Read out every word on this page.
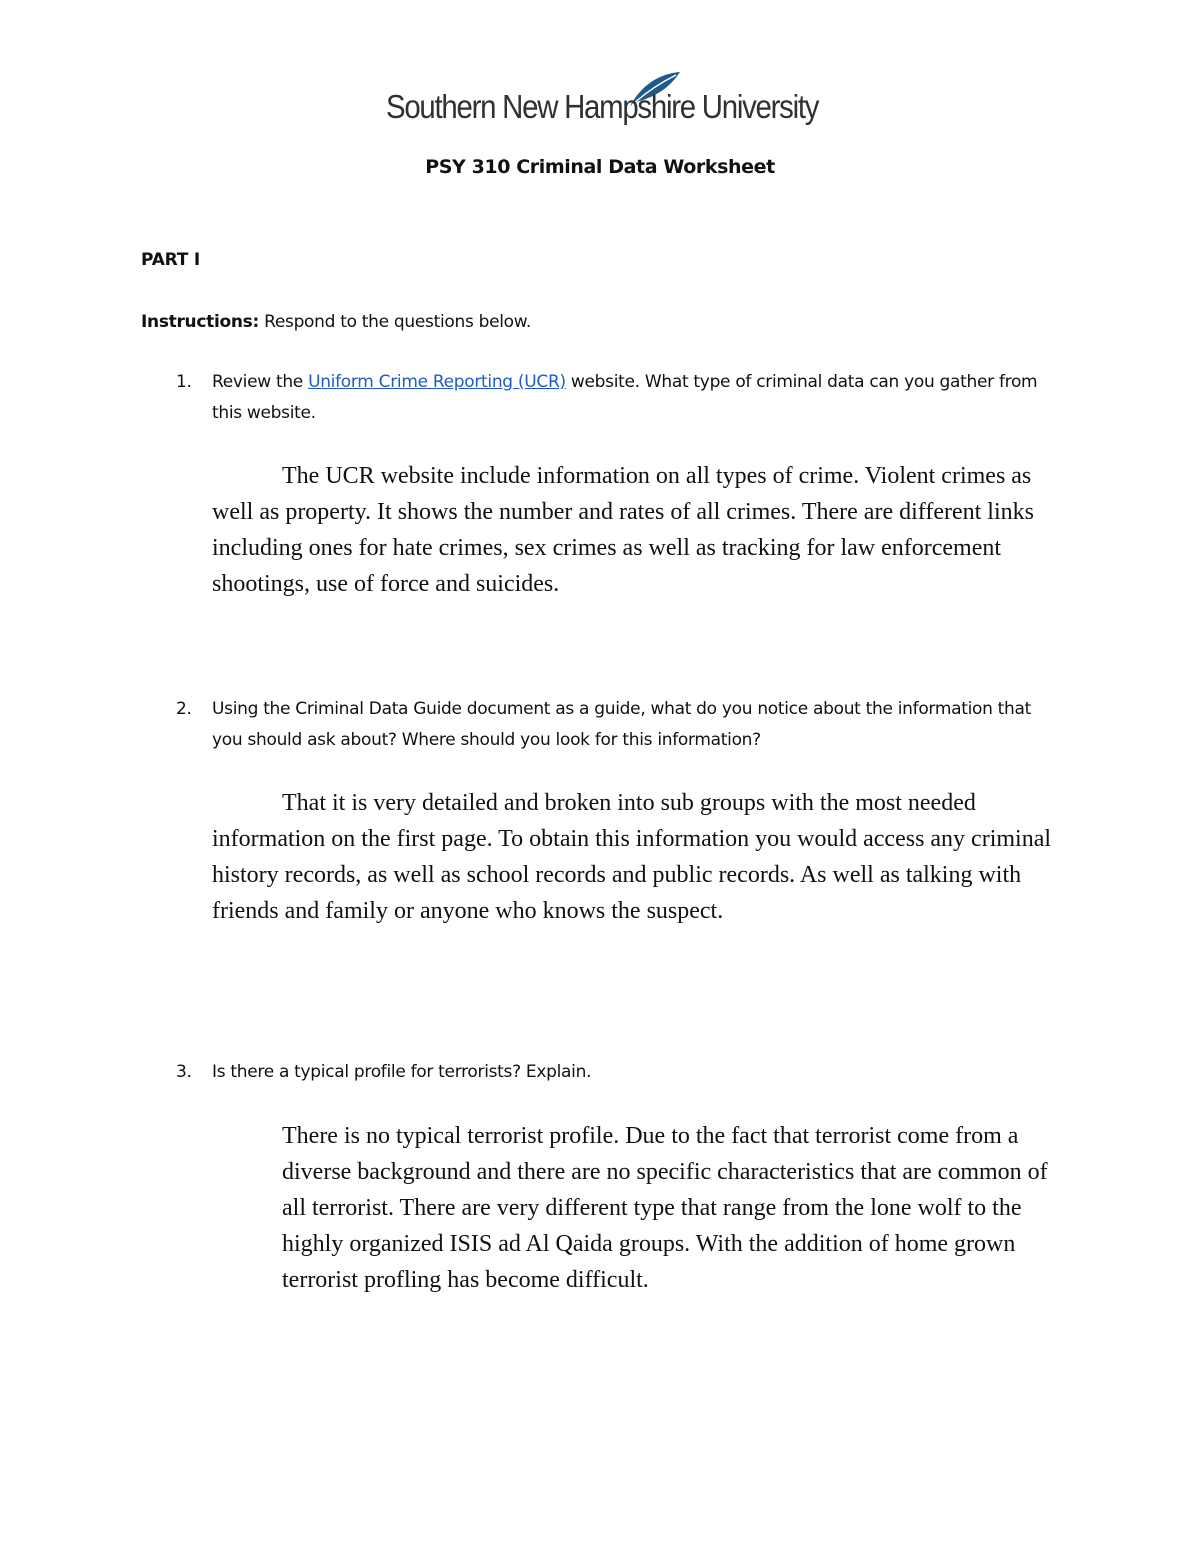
Southern New Hampshire University
PSY 310 Criminal Data Worksheet
PART I
Instructions: Respond to the questions below.
1. Review the Uniform Crime Reporting (UCR) website. What type of criminal data can you gather from this website.
The UCR website include information on all types of crime. Violent crimes as well as property. It shows the number and rates of all crimes. There are different links including ones for hate crimes, sex crimes as well as tracking for law enforcement shootings, use of force and suicides.
2. Using the Criminal Data Guide document as a guide, what do you notice about the information that you should ask about? Where should you look for this information?
That it is very detailed and broken into sub groups with the most needed information on the first page. To obtain this information you would access any criminal history records, as well as school records and public records. As well as talking with friends and family or anyone who knows the suspect.
3. Is there a typical profile for terrorists? Explain.
There is no typical terrorist profile. Due to the fact that terrorist come from a diverse background and there are no specific characteristics that are common of all terrorist. There are very different type that range from the lone wolf to the highly organized ISIS ad Al Qaida groups. With the addition of home grown terrorist profling has become difficult.
